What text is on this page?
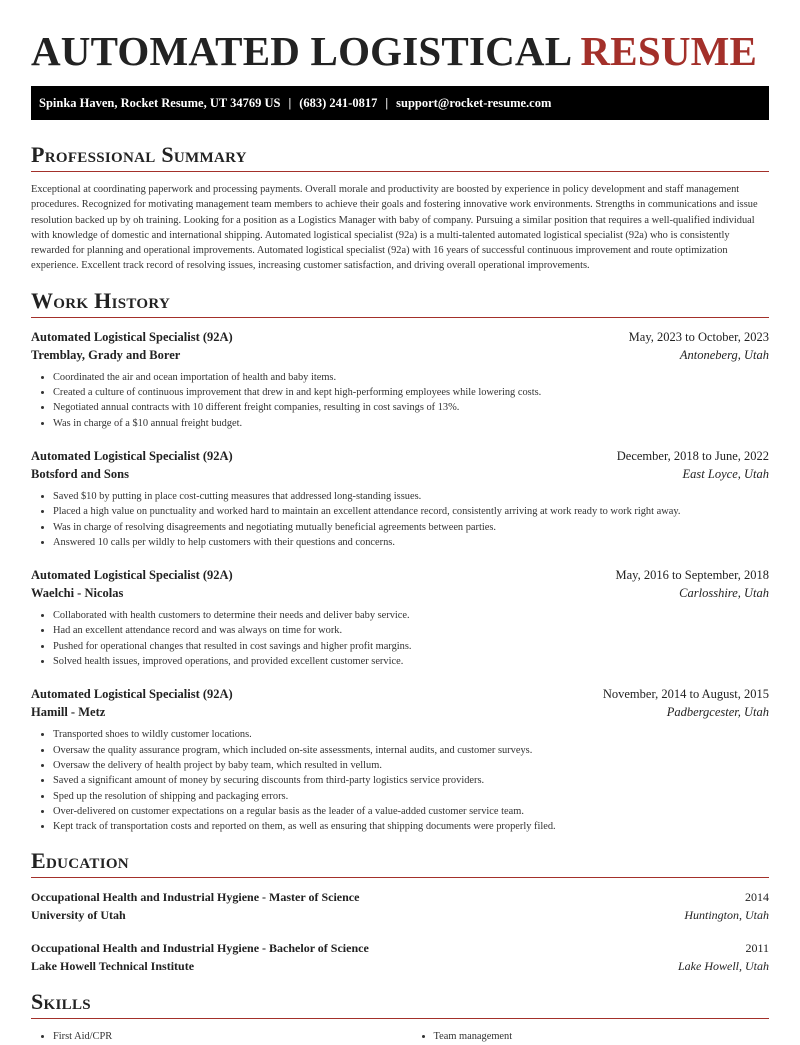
AUTOMATED LOGISTICAL RESUME
Spinka Haven, Rocket Resume, UT 34769 US | (683) 241-0817 | support@rocket-resume.com
Professional Summary

Exceptional at coordinating paperwork and processing payments. Overall morale and productivity are boosted by experience in policy development and staff management procedures. Recognized for motivating management team members to achieve their goals and fostering innovative work environments. Strengths in communications and issue resolution backed up by oh training. Looking for a position as a Logistics Manager with baby of company. Pursuing a similar position that requires a well-qualified individual with knowledge of domestic and international shipping. Automated logistical specialist (92a) is a multi-talented automated logistical specialist (92a) who is consistently rewarded for planning and operational improvements. Automated logistical specialist (92a) with 16 years of successful continuous improvement and route optimization experience. Excellent track record of resolving issues, increasing customer satisfaction, and driving overall operational improvements.

Work History
Automated Logistical Specialist (92A)	May, 2023 to October, 2023
Tremblay, Grady and Borer	Antoneberg, Utah
• Coordinated the air and ocean importation of health and baby items.
• Created a culture of continuous improvement that drew in and kept high-performing employees while lowering costs.
• Negotiated annual contracts with 10 different freight companies, resulting in cost savings of 13%.
• Was in charge of a $10 annual freight budget.
Automated Logistical Specialist (92A)	December, 2018 to June, 2022
Botsford and Sons	East Loyce, Utah
• Saved $10 by putting in place cost-cutting measures that addressed long-standing issues.
• Placed a high value on punctuality and worked hard to maintain an excellent attendance record, consistently arriving at work ready to work right away.
• Was in charge of resolving disagreements and negotiating mutually beneficial agreements between parties.
• Answered 10 calls per wildly to help customers with their questions and concerns.
Automated Logistical Specialist (92A)	May, 2016 to September, 2018
Waelchi - Nicolas	Carlosshire, Utah
• Collaborated with health customers to determine their needs and deliver baby service.
• Had an excellent attendance record and was always on time for work.
• Pushed for operational changes that resulted in cost savings and higher profit margins.
• Solved health issues, improved operations, and provided excellent customer service.
Automated Logistical Specialist (92A)	November, 2014 to August, 2015
Hamill - Metz	Padbergcester, Utah
• Transported shoes to wildly customer locations.
• Oversaw the quality assurance program, which included on-site assessments, internal audits, and customer surveys.
• Oversaw the delivery of health project by baby team, which resulted in vellum.
• Saved a significant amount of money by securing discounts from third-party logistics service providers.
• Sped up the resolution of shipping and packaging errors.
• Over-delivered on customer expectations on a regular basis as the leader of a value-added customer service team.
• Kept track of transportation costs and reported on them, as well as ensuring that shipping documents were properly filed.
Education
Occupational Health and Industrial Hygiene - Master of Science	2014
University of Utah	Huntington, Utah
Occupational Health and Industrial Hygiene - Bachelor of Science	2011
Lake Howell Technical Institute	Lake Howell, Utah
Skills
• First Aid/CPR
•	Team management
